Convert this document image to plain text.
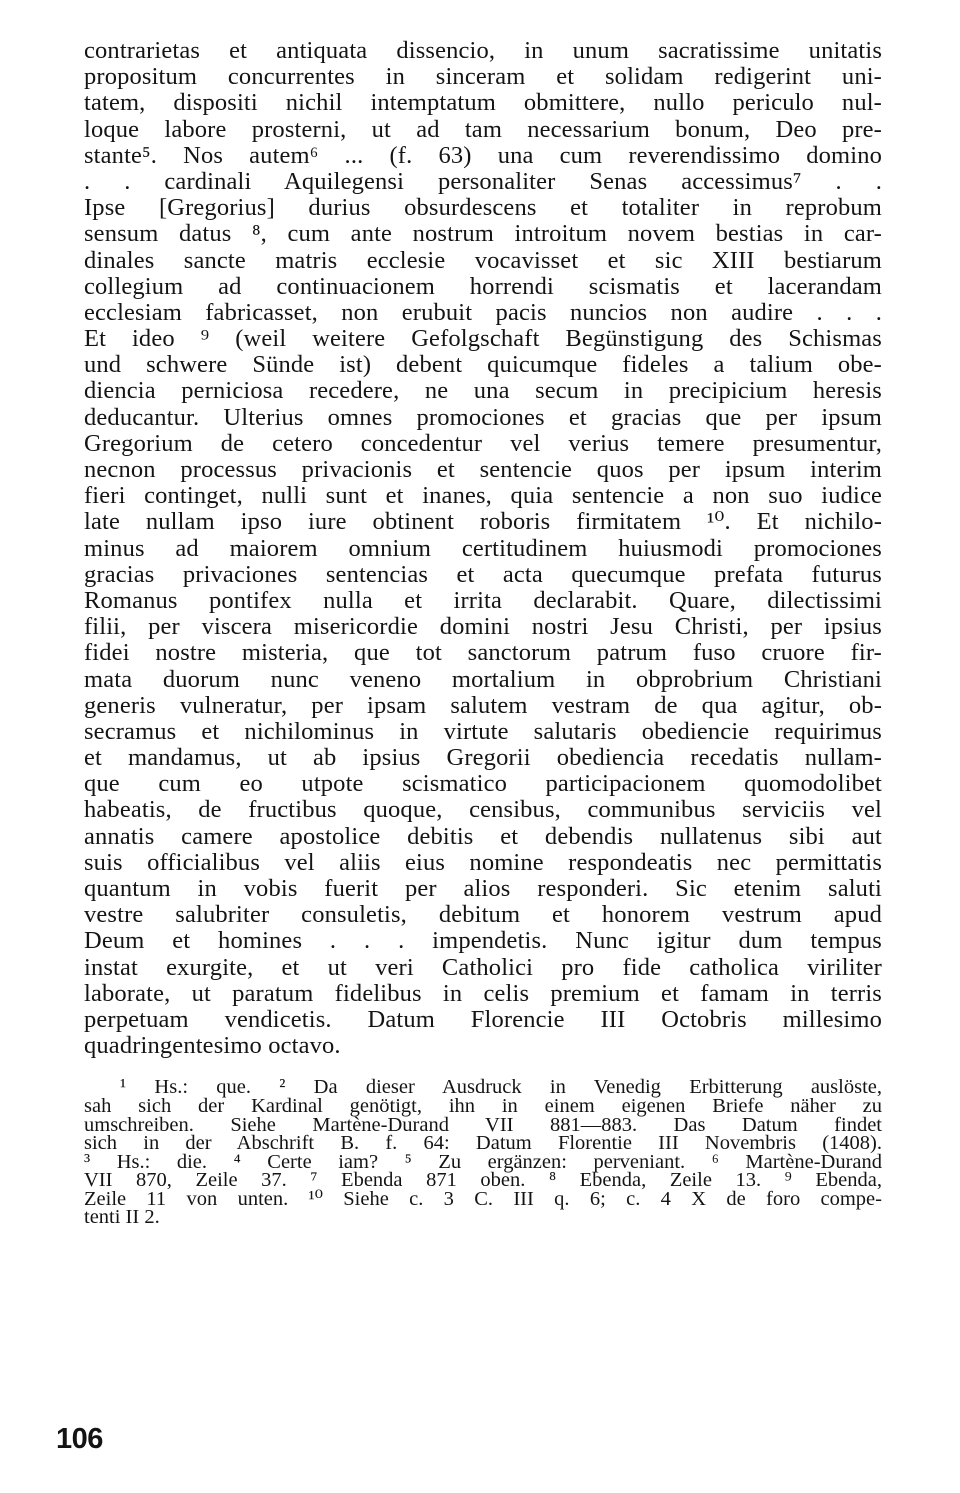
contrarietas et antiquata dissencio, in unum sacratissime unitatis
propositum concurrentes in sinceram et solidam redigerint uni-
tatem, dispositi nichil intemptatum obmittere, nullo periculo nul-
loque labore prosterni, ut ad tam necessarium bonum, Deo pre-
stante⁵. Nos autem⁶ ... (f. 63) una cum reverendissimo domino
. . cardinali Aquilegensi personaliter Senas accessimus⁷ . .
Ipse [Gregorius] durius obsurdescens et totaliter in reprobum
sensum datus ⁸, cum ante nostrum introitum novem bestias in car-
dinales sancte matris ecclesie vocavisset et sic XIII bestiarum
collegium ad continuacionem horrendi scismatis et lacerandam
ecclesiam fabricasset, non erubuit pacis nuncios non audire . . .
Et ideo ⁹ (weil weitere Gefolgschaft Begünstigung des Schismas
und schwere Sünde ist) debent quicumque fideles a talium obe-
diencia perniciosa recedere, ne una secum in precipicium heresis
deducantur. Ulterius omnes promociones et gracias que per ipsum
Gregorium de cetero concedentur vel verius temere presumentur,
necnon processus privacionis et sentencie quos per ipsum interim
fieri continget, nulli sunt et inanes, quia sentencie a non suo iudice
late nullam ipso iure obtinent roboris firmitatem ¹⁰. Et nichilo-
minus ad maiorem omnium certitudinem huiusmodi promociones
gracias privaciones sentencias et acta quecumque prefata futurus
Romanus pontifex nulla et irrita declarabit. Quare, dilectissimi
filii, per viscera misericordie domini nostri Jesu Christi, per ipsius
fidei nostre misteria, que tot sanctorum patrum fuso cruore fir-
mata duorum nunc veneno mortalium in obprobrium Christiani
generis vulneratur, per ipsam salutem vestram de qua agitur, ob-
secramus et nichilominus in virtute salutaris obediencie requirimus
et mandamus, ut ab ipsius Gregorii obediencia recedatis nullam-
que cum eo utpote scismatico participacionem quomodolibet
habeatis, de fructibus quoque, censibus, communibus serviciis vel
annatis camere apostolice debitis et debendis nullatenus sibi aut
suis officialibus vel aliis eius nomine respondeatis nec permittatis
quantum in vobis fuerit per alios responderi. Sic etenim saluti
vestre salubriter consuletis, debitum et honorem vestrum apud
Deum et homines . . . impendetis. Nunc igitur dum tempus
instat exurgite, et ut veri Catholici pro fide catholica viriliter
laborate, ut paratum fidelibus in celis premium et famam in terris
perpetuam vendicetis. Datum Florencie III Octobris millesimo
quadringentesimo octavo.
¹ Hs.: que. ² Da dieser Ausdruck in Venedig Erbitterung auslöste,
sah sich der Kardinal genötigt, ihn in einem eigenen Briefe näher zu
umschreiben. Siehe Martène-Durand VII 881—883. Das Datum findet
sich in der Abschrift B. f. 64: Datum Florentie III Novembris (1408).
³ Hs.: die. ⁴ Certe iam? ⁵ Zu ergänzen: perveniant. ⁶ Martène-Durand
VII 870, Zeile 37. ⁷ Ebenda 871 oben. ⁸ Ebenda, Zeile 13. ⁹ Ebenda,
Zeile 11 von unten. ¹⁰ Siehe c. 3 C. III q. 6; c. 4 X de foro compe-
tenti II 2.
106
